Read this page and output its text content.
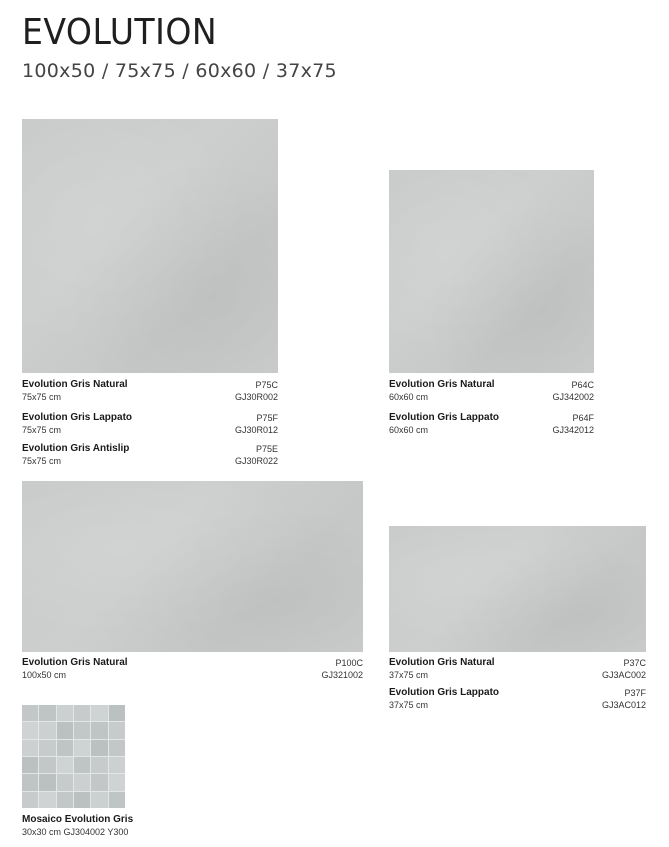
EVOLUTION
100x50 / 75x75 / 60x60 / 37x75
Evolution Gris Natural
75x75 cm
P75C
GJ30R002
Evolution Gris Lappato
75x75 cm
P75F
GJ30R012
Evolution Gris Antislip
75x75 cm
P75E
GJ30R022
Evolution Gris Natural
60x60 cm
P64C
GJ342002
Evolution Gris Lappato
60x60 cm
P64F
GJ342012
Evolution Gris Natural
100x50 cm
P100C
GJ321002
Evolution Gris Natural
37x75 cm
P37C
GJ3AC002
Evolution Gris Lappato
37x75 cm
P37F
GJ3AC012
Mosaico Evolution Gris
30x30 cm GJ304002 Y300
